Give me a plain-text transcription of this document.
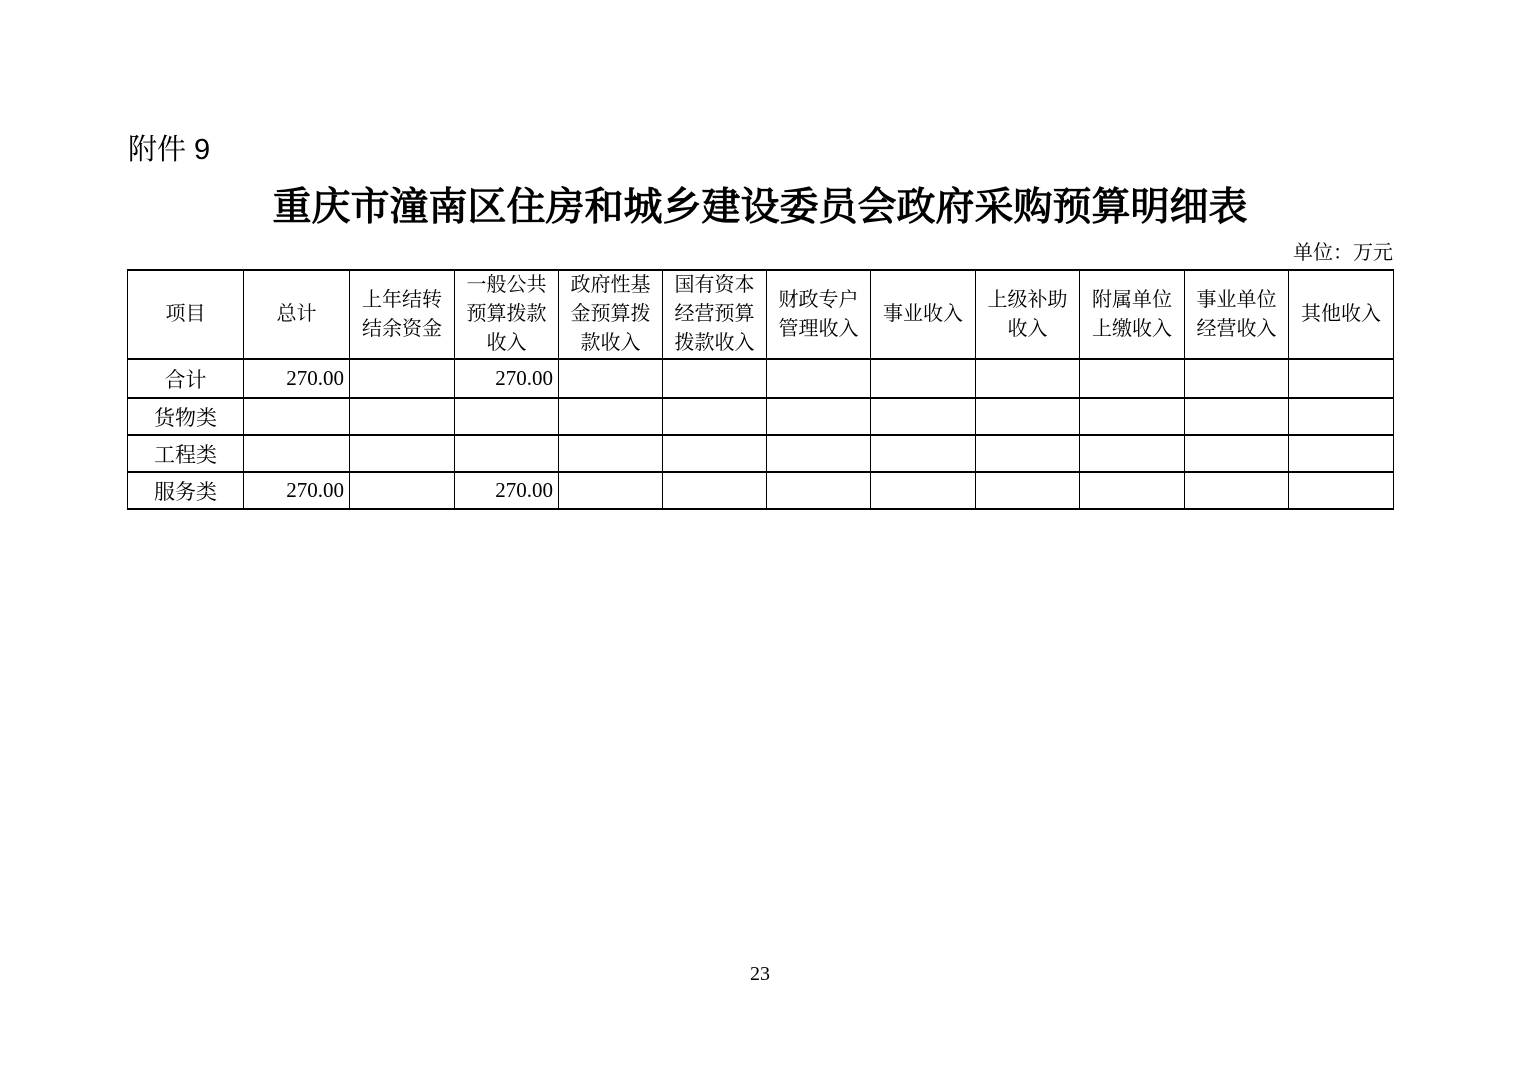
附件 9
重庆市潼南区住房和城乡建设委员会政府采购预算明细表
单位：万元
项目	总计	上年结转结余资金	一般公共预算拨款收入	政府性基金预算拨款收入	国有资本经营预算拨款收入	财政专户管理收入	事业收入	上级补助收入	附属单位上缴收入	事业单位经营收入	其他收入
合计	270.00		270.00								
货物类											
工程类											
服务类	270.00		270.00								
23
